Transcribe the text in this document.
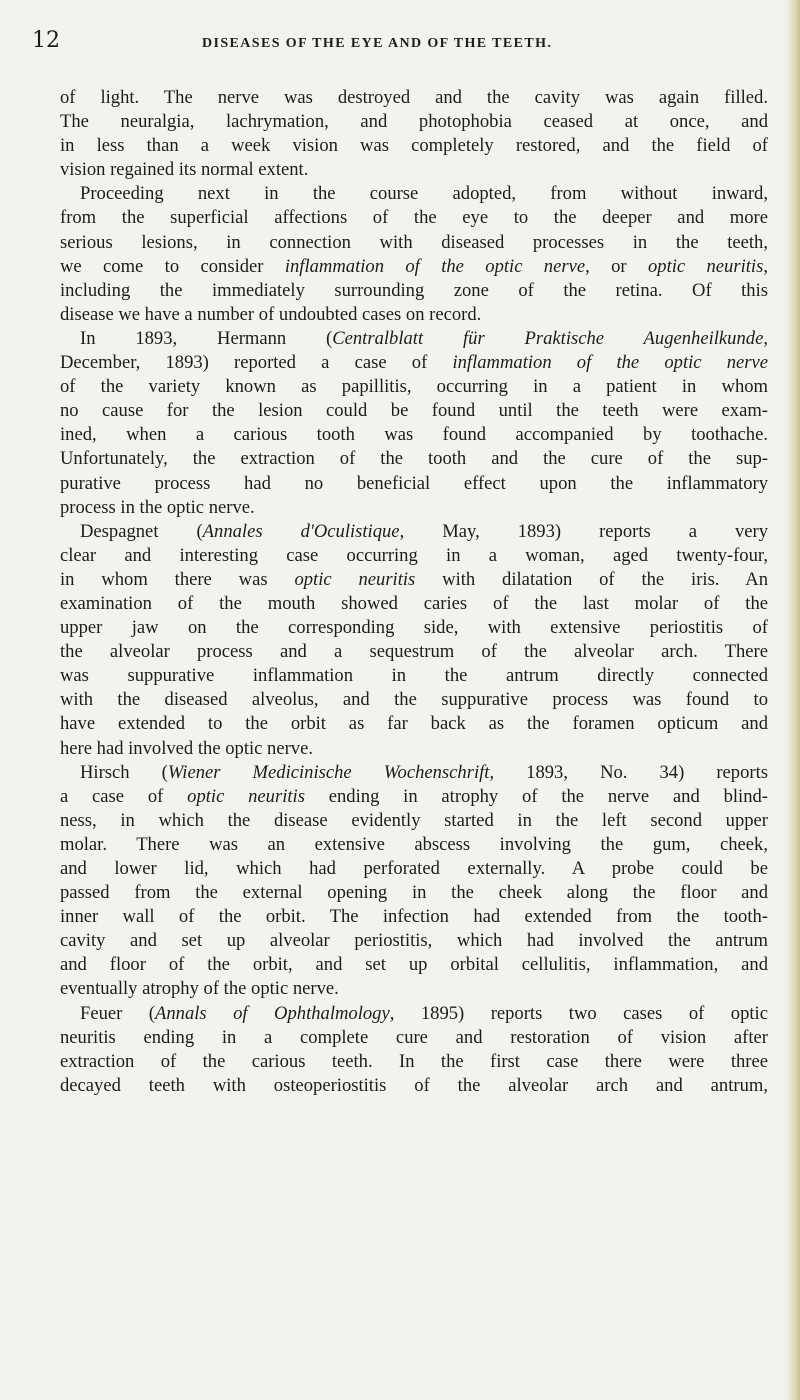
12	DISEASES OF THE EYE AND OF THE TEETH.
of light. The nerve was destroyed and the cavity was again filled.
The neuralgia, lachrymation, and photophobia ceased at once, and
in less than a week vision was completely restored, and the field of
vision regained its normal extent.
Proceeding next in the course adopted, from without inward,
from the superficial affections of the eye to the deeper and more
serious lesions, in connection with diseased processes in the teeth,
we come to consider inflammation of the optic nerve, or optic neuritis,
including the immediately surrounding zone of the retina. Of this
disease we have a number of undoubted cases on record.
In 1893, Hermann (Centralblatt für Praktische Augenheilkunde,
December, 1893) reported a case of inflammation of the optic nerve
of the variety known as papillitis, occurring in a patient in whom
no cause for the lesion could be found until the teeth were exam-
ined, when a carious tooth was found accompanied by toothache.
Unfortunately, the extraction of the tooth and the cure of the sup-
purative process had no beneficial effect upon the inflammatory
process in the optic nerve.
Despagnet (Annales d'Oculistique, May, 1893) reports a very
clear and interesting case occurring in a woman, aged twenty-four,
in whom there was optic neuritis with dilatation of the iris. An
examination of the mouth showed caries of the last molar of the
upper jaw on the corresponding side, with extensive periostitis of
the alveolar process and a sequestrum of the alveolar arch. There
was suppurative inflammation in the antrum directly connected
with the diseased alveolus, and the suppurative process was found to
have extended to the orbit as far back as the foramen opticum and
here had involved the optic nerve.
Hirsch (Wiener Medicinische Wochenschrift, 1893, No. 34) reports
a case of optic neuritis ending in atrophy of the nerve and blind-
ness, in which the disease evidently started in the left second upper
molar. There was an extensive abscess involving the gum, cheek,
and lower lid, which had perforated externally. A probe could be
passed from the external opening in the cheek along the floor and
inner wall of the orbit. The infection had extended from the tooth-
cavity and set up alveolar periostitis, which had involved the antrum
and floor of the orbit, and set up orbital cellulitis, inflammation, and
eventually atrophy of the optic nerve.
Feuer (Annals of Ophthalmology, 1895) reports two cases of optic
neuritis ending in a complete cure and restoration of vision after
extraction of the carious teeth. In the first case there were three
decayed teeth with osteoperiostitis of the alveolar arch and antrum,
